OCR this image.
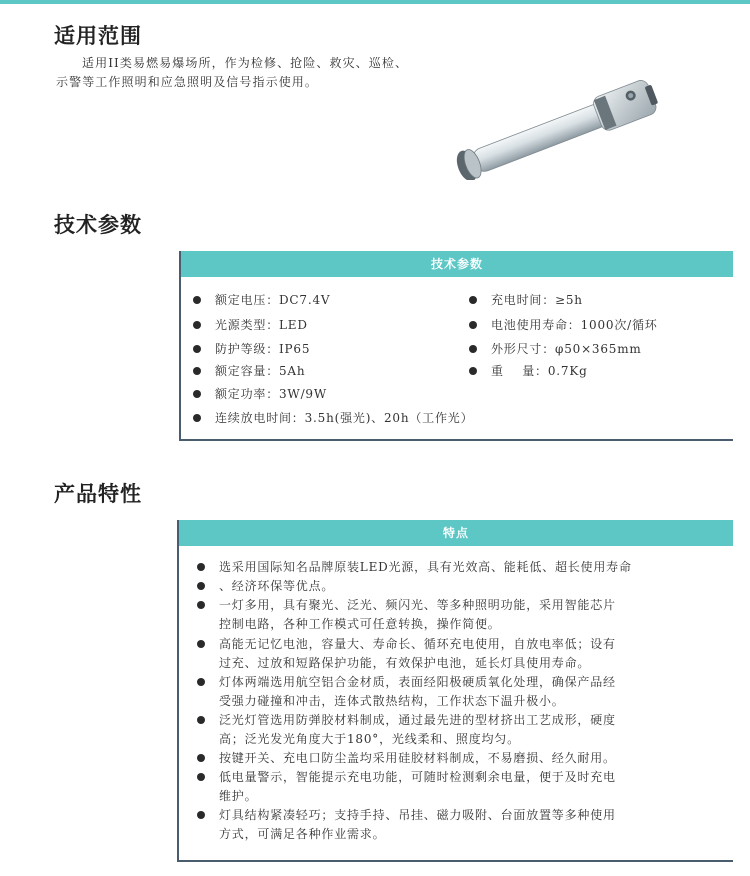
适用范围
适用II类易燃易爆场所，作为检修、抢险、救灾、巡检、
示警等工作照明和应急照明及信号指示使用。
技术参数
技术参数
额定电压：DC7.4V
光源类型：LED
防护等级：IP65
额定容量：5Ah
额定功率：3W/9W
连续放电时间：3.5h(强光)、20h（工作光）
充电时间：≥5h
电池使用寿命：1000次/循环
外形尺寸：φ50×365mm
重    量：0.7Kg
产品特性
特点
选采用国际知名品牌原装LED光源，具有光效高、能耗低、超长使用寿命
、经济环保等优点。
一灯多用，具有聚光、泛光、频闪光、等多种照明功能，采用智能芯片
控制电路，各种工作模式可任意转换，操作简便。
高能无记忆电池，容量大、寿命长、循环充电使用，自放电率低；设有
过充、过放和短路保护功能，有效保护电池，延长灯具使用寿命。
灯体两端选用航空铝合金材质，表面经阳极硬质氧化处理，确保产品经
受强力碰撞和冲击，连体式散热结构，工作状态下温升极小。
泛光灯管选用防弹胶材料制成，通过最先进的型材挤出工艺成形，硬度
高；泛光发光角度大于180°，光线柔和、照度均匀。
按键开关、充电口防尘盖均采用硅胶材料制成，不易磨损、经久耐用。
低电量警示，智能提示充电功能，可随时检测剩余电量，便于及时充电
维护。
灯具结构紧凑轻巧；支持手持、吊挂、磁力吸附、台面放置等多种使用
方式，可满足各种作业需求。
